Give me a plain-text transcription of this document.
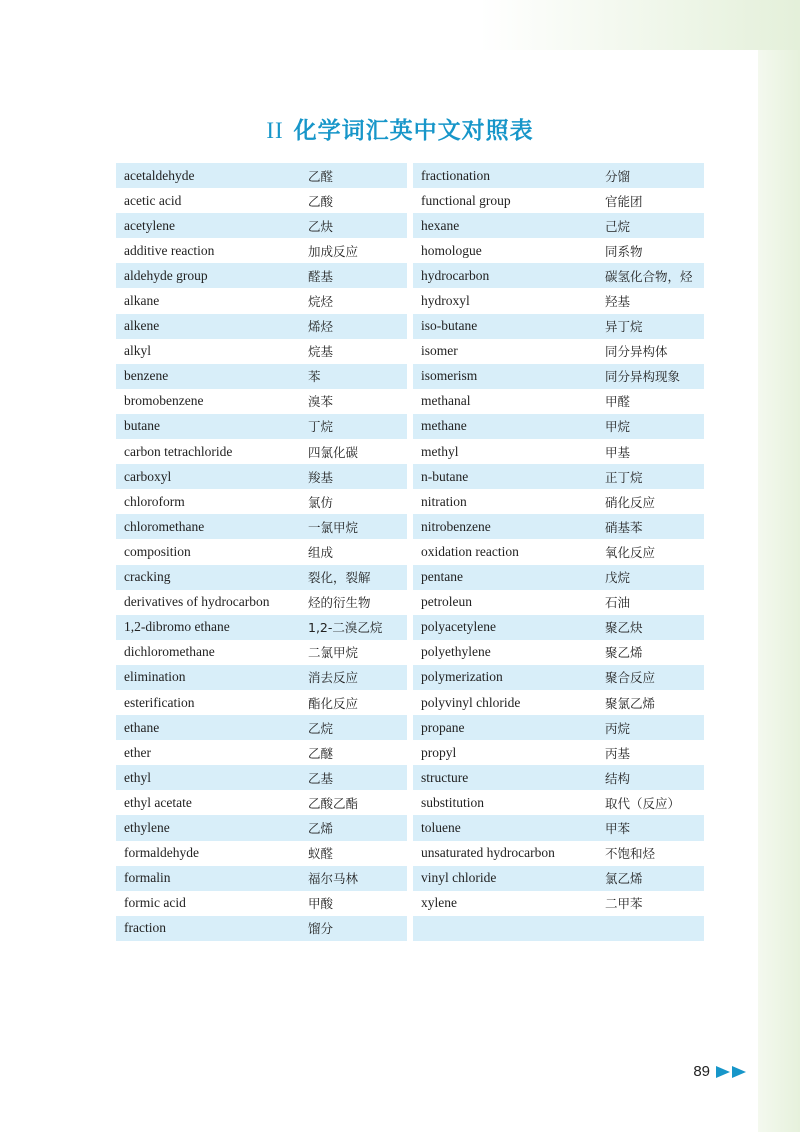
II 化学词汇英中文对照表
acetaldehyde	乙醛
acetic acid	乙酸
acetylene	乙炔
additive reaction	加成反应
aldehyde group	醛基
alkane	烷烃
alkene	烯烃
alkyl	烷基
benzene	苯
bromobenzene	溴苯
butane	丁烷
carbon tetrachloride	四氯化碳
carboxyl	羧基
chloroform	氯仿
chloromethane	一氯甲烷
composition	组成
cracking	裂化，裂解
derivatives of hydrocarbon	烃的衍生物
1,2-dibromo ethane	1,2-二溴乙烷
dichloromethane	二氯甲烷
elimination	消去反应
esterification	酯化反应
ethane	乙烷
ether	乙醚
ethyl	乙基
ethyl acetate	乙酸乙酯
ethylene	乙烯
formaldehyde	蚁醛
formalin	福尔马林
formic acid	甲酸
fraction	馏分
fractionation	分馏
functional group	官能团
hexane	己烷
homologue	同系物
hydrocarbon	碳氢化合物，烃
hydroxyl	羟基
iso-butane	异丁烷
isomer	同分异构体
isomerism	同分异构现象
methanal	甲醛
methane	甲烷
methyl	甲基
n-butane	正丁烷
nitration	硝化反应
nitrobenzene	硝基苯
oxidation reaction	氧化反应
pentane	戊烷
petroleun	石油
polyacetylene	聚乙炔
polyethylene	聚乙烯
polymerization	聚合反应
polyvinyl chloride	聚氯乙烯
propane	丙烷
propyl	丙基
structure	结构
substitution	取代（反应）
toluene	甲苯
unsaturated hydrocarbon	不饱和烃
vinyl chloride	氯乙烯
xylene	二甲苯
89
